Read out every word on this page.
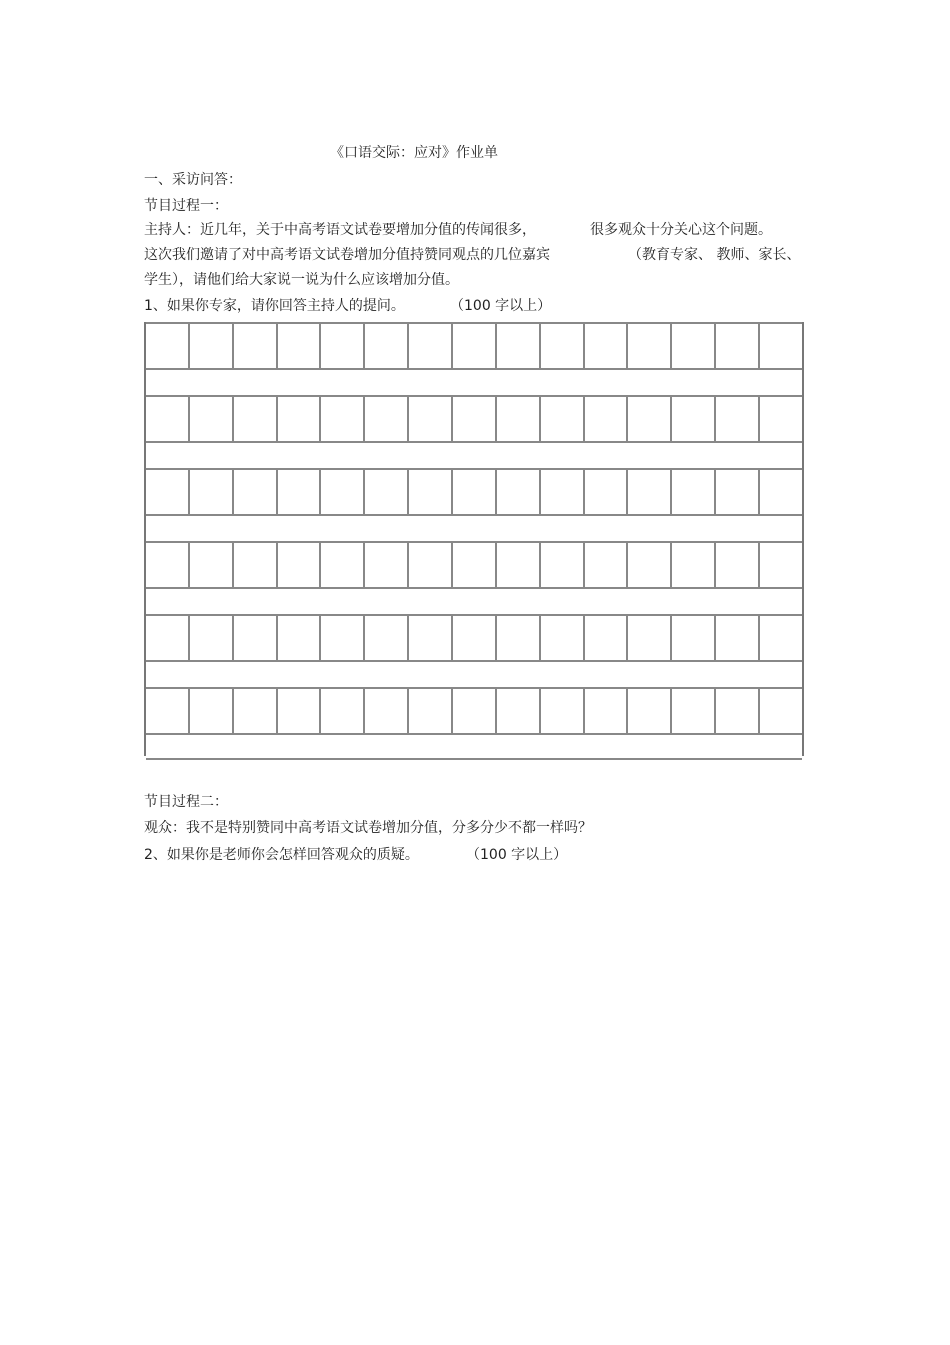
《口语交际：应对》作业单
一、采访问答：
节目过程一：
主持人：近几年，关于中高考语文试卷要增加分值的传闻很多，	很多观众十分关心这个问题。
这次我们邀请了对中高考语文试卷增加分值持赞同观点的几位嘉宾	（教育专家、 教师、家长、
学生），请他们给大家说一说为什么应该增加分值。
1、如果你专家，请你回答主持人的提问。	（100 字以上）
节目过程二：
观众：我不是特别赞同中高考语文试卷增加分值，分多分少不都一样吗？
2、如果你是老师你会怎样回答观众的质疑。	（100 字以上）
